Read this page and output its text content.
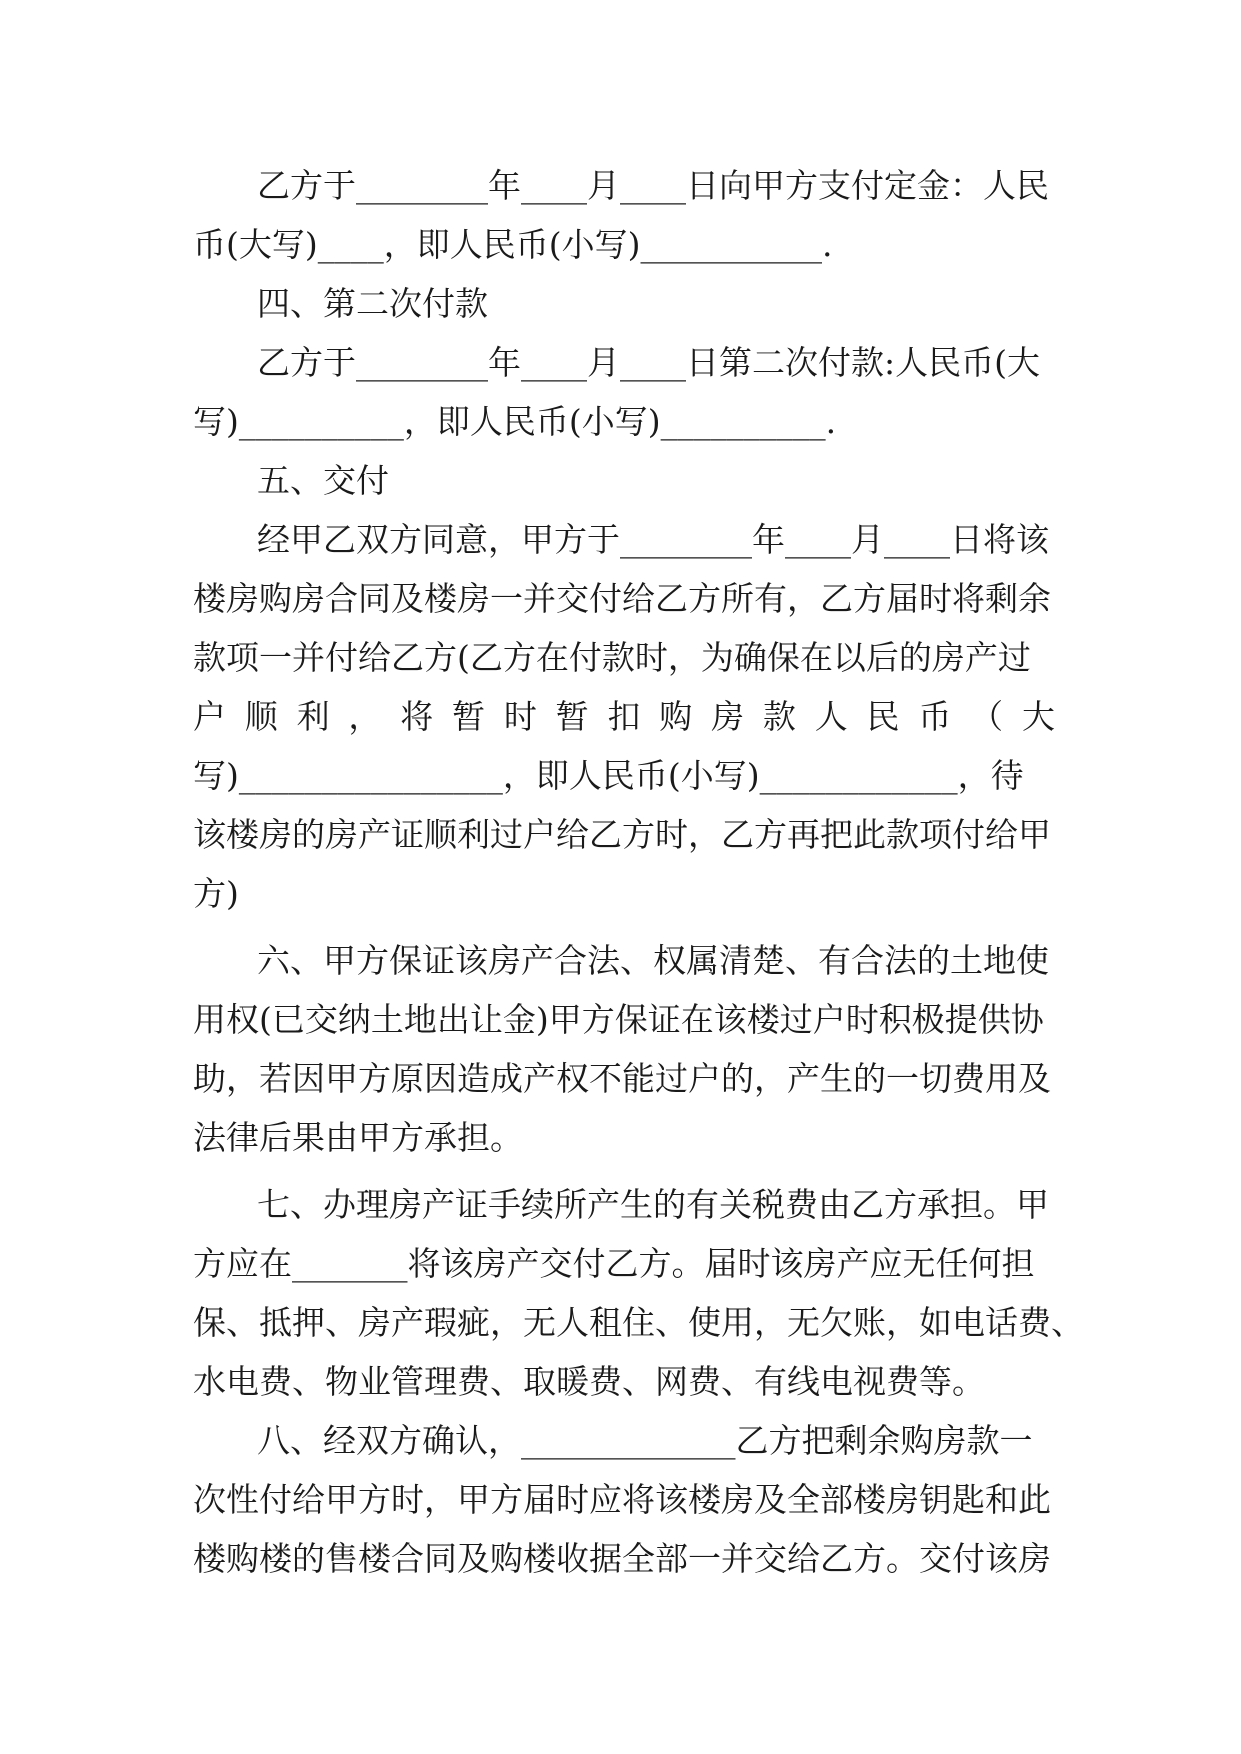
乙方于________年____月____日向甲方支付定金：人民
币(大写)____，即人民币(小写)___________.
四、第二次付款
乙方于________年____月____日第二次付款:人民币(大
写)__________，即人民币(小写)__________.
五、交付
经甲乙双方同意，甲方于________年____月____日将该
楼房购房合同及楼房一并交付给乙方所有，乙方届时将剩余
款项一并付给乙方(乙方在付款时，为确保在以后的房产过
户 顺 利 ， 将 暂 时 暂 扣 购 房 款 人 民 币 （ 大
写)________________，即人民币(小写)____________，待
该楼房的房产证顺利过户给乙方时，乙方再把此款项付给甲
方)
六、甲方保证该房产合法、权属清楚、有合法的土地使
用权(已交纳土地出让金)甲方保证在该楼过户时积极提供协
助，若因甲方原因造成产权不能过户的，产生的一切费用及
法律后果由甲方承担。
七、办理房产证手续所产生的有关税费由乙方承担。甲
方应在_______将该房产交付乙方。届时该房产应无任何担
保、抵押、房产瑕疵，无人租住、使用，无欠账，如电话费、
水电费、物业管理费、取暖费、网费、有线电视费等。
八、经双方确认，_____________乙方把剩余购房款一
次性付给甲方时，甲方届时应将该楼房及全部楼房钥匙和此
楼购楼的售楼合同及购楼收据全部一并交给乙方。交付该房
